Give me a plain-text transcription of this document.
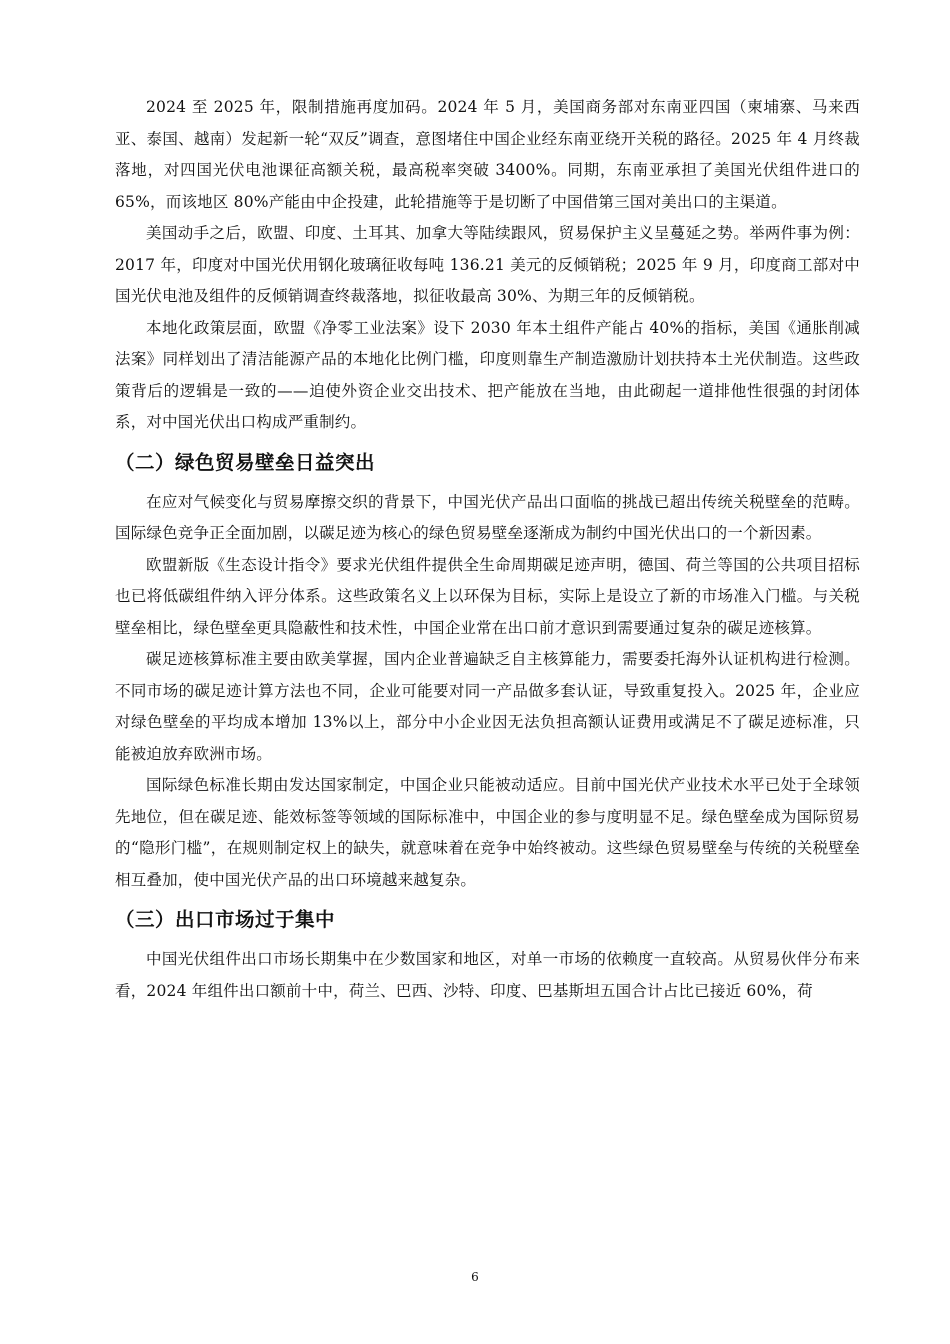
2024 至 2025 年，限制措施再度加码。2024 年 5 月，美国商务部对东南亚四国（柬埔寨、马来西亚、泰国、越南）发起新一轮“双反”调查，意图堵住中国企业经东南亚绕开关税的路径。2025 年 4 月终裁落地，对四国光伏电池课征高额关税，最高税率突破 3400%。同期，东南亚承担了美国光伏组件进口的 65%，而该地区 80%产能由中企投建，此轮措施等于是切断了中国借第三国对美出口的主渠道。

美国动手之后，欧盟、印度、土耳其、加拿大等陆续跟风，贸易保护主义呈蔓延之势。举两件事为例：2017 年，印度对中国光伏用钢化玻璃征收每吨 136.21 美元的反倾销税；2025 年 9 月，印度商工部对中国光伏电池及组件的反倾销调查终裁落地，拟征收最高 30%、为期三年的反倾销税。

本地化政策层面，欧盟《净零工业法案》设下 2030 年本土组件产能占 40%的指标，美国《通胀削减法案》同样划出了清洁能源产品的本地化比例门槛，印度则靠生产制造激励计划扶持本土光伏制造。这些政策背后的逻辑是一致的——迫使外资企业交出技术、把产能放在当地，由此砌起一道排他性很强的封闭体系，对中国光伏出口构成严重制约。

（二）绿色贸易壁垒日益突出

在应对气候变化与贸易摩擦交织的背景下，中国光伏产品出口面临的挑战已超出传统关税壁垒的范畴。国际绿色竞争正全面加剧，以碳足迹为核心的绿色贸易壁垒逐渐成为制约中国光伏出口的一个新因素。

欧盟新版《生态设计指令》要求光伏组件提供全生命周期碳足迹声明，德国、荷兰等国的公共项目招标也已将低碳组件纳入评分体系。这些政策名义上以环保为目标，实际上是设立了新的市场准入门槛。与关税壁垒相比，绿色壁垒更具隐蔽性和技术性，中国企业常在出口前才意识到需要通过复杂的碳足迹核算。

碳足迹核算标准主要由欧美掌握，国内企业普遍缺乏自主核算能力，需要委托海外认证机构进行检测。不同市场的碳足迹计算方法也不同，企业可能要对同一产品做多套认证，导致重复投入。2025 年，企业应对绿色壁垒的平均成本增加 13%以上，部分中小企业因无法负担高额认证费用或满足不了碳足迹标准，只能被迫放弃欧洲市场。

国际绿色标准长期由发达国家制定，中国企业只能被动适应。目前中国光伏产业技术水平已处于全球领先地位，但在碳足迹、能效标签等领域的国际标准中，中国企业的参与度明显不足。绿色壁垒成为国际贸易的“隐形门槛”，在规则制定权上的缺失，就意味着在竞争中始终被动。这些绿色贸易壁垒与传统的关税壁垒相互叠加，使中国光伏产品的出口环境越来越复杂。

（三）出口市场过于集中

中国光伏组件出口市场长期集中在少数国家和地区，对单一市场的依赖度一直较高。从贸易伙伴分布来看，2024 年组件出口额前十中，荷兰、巴西、沙特、印度、巴基斯坦五国合计占比已接近 60%，荷

6
